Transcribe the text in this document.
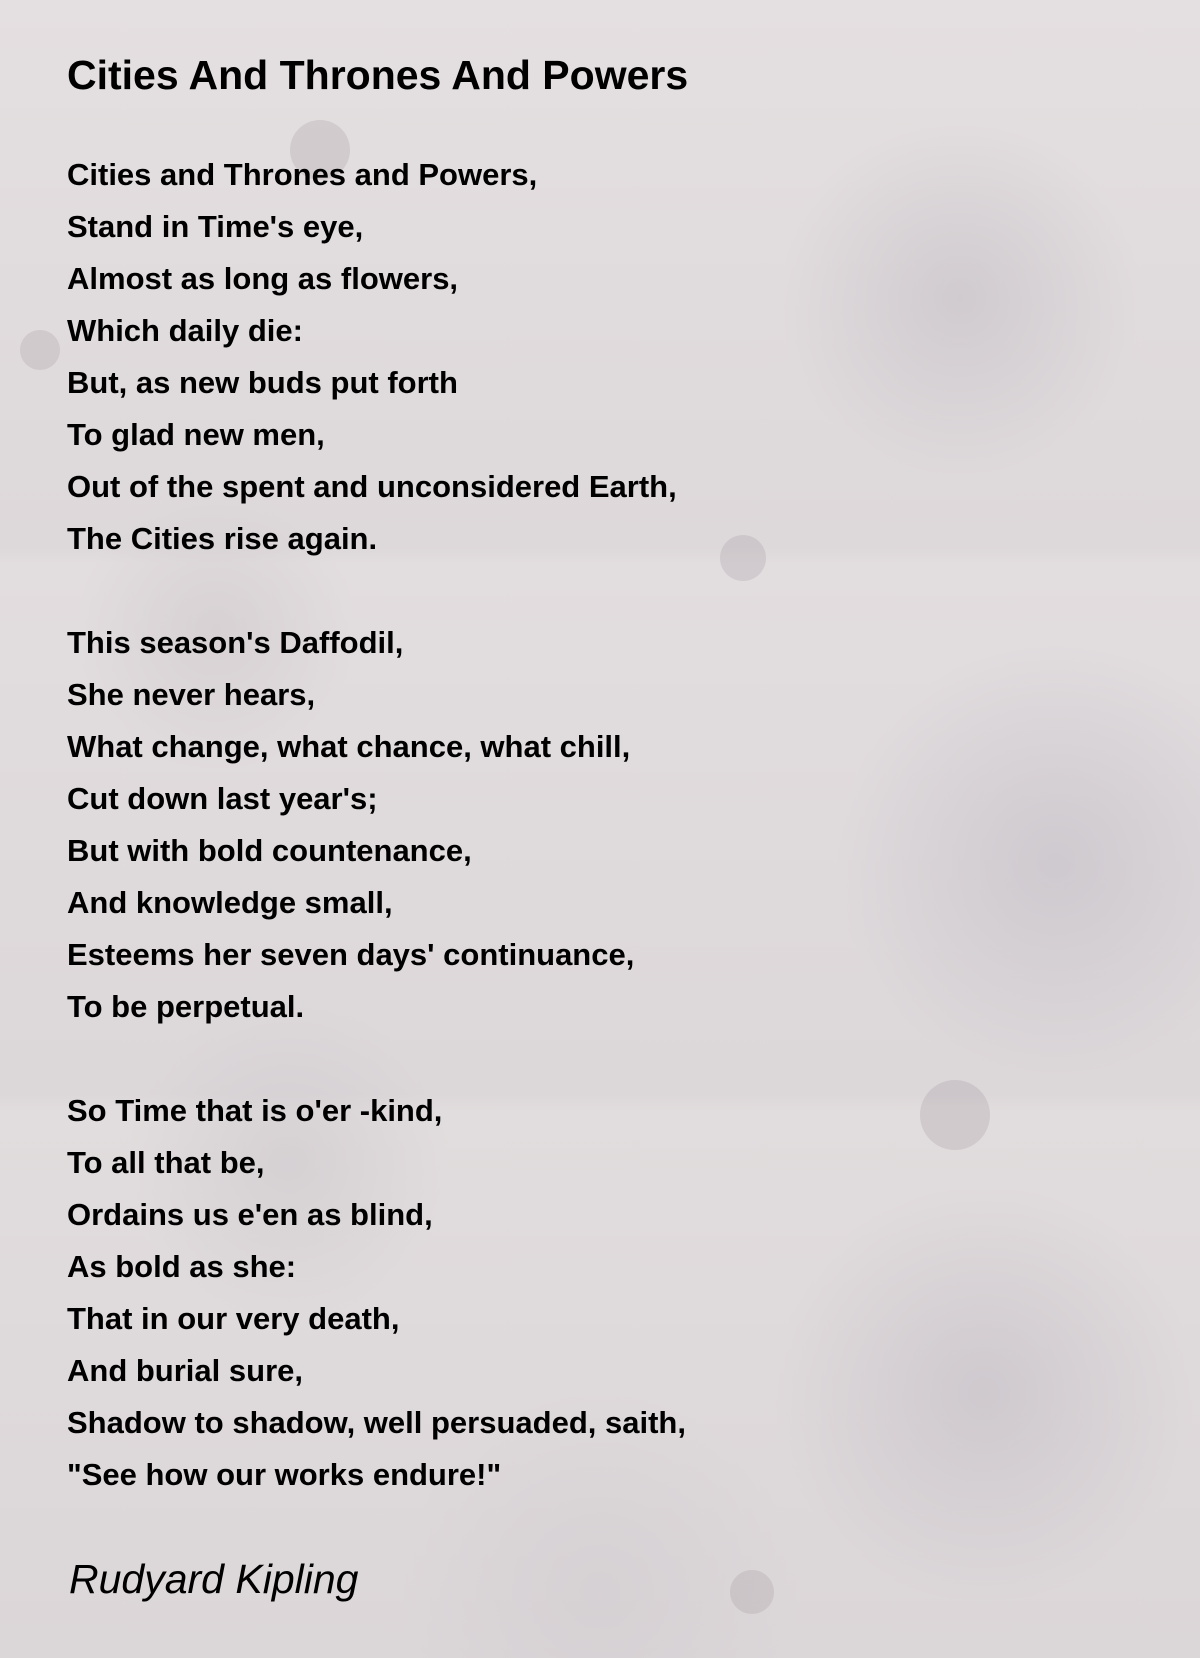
Cities And Thrones And Powers
Cities and Thrones and Powers,
Stand in Time's eye,
Almost as long as flowers,
Which daily die:
But, as new buds put forth
To glad new men,
Out of the spent and unconsidered Earth,
The Cities rise again.
This season's Daffodil,
She never hears,
What change, what chance, what chill,
Cut down last year's;
But with bold countenance,
And knowledge small,
Esteems her seven days' continuance,
To be perpetual.
So Time that is o'er -kind,
To all that be,
Ordains us e'en as blind,
As bold as she:
That in our very death,
And burial sure,
Shadow to shadow, well persuaded, saith,
"See how our works endure!"
Rudyard Kipling
